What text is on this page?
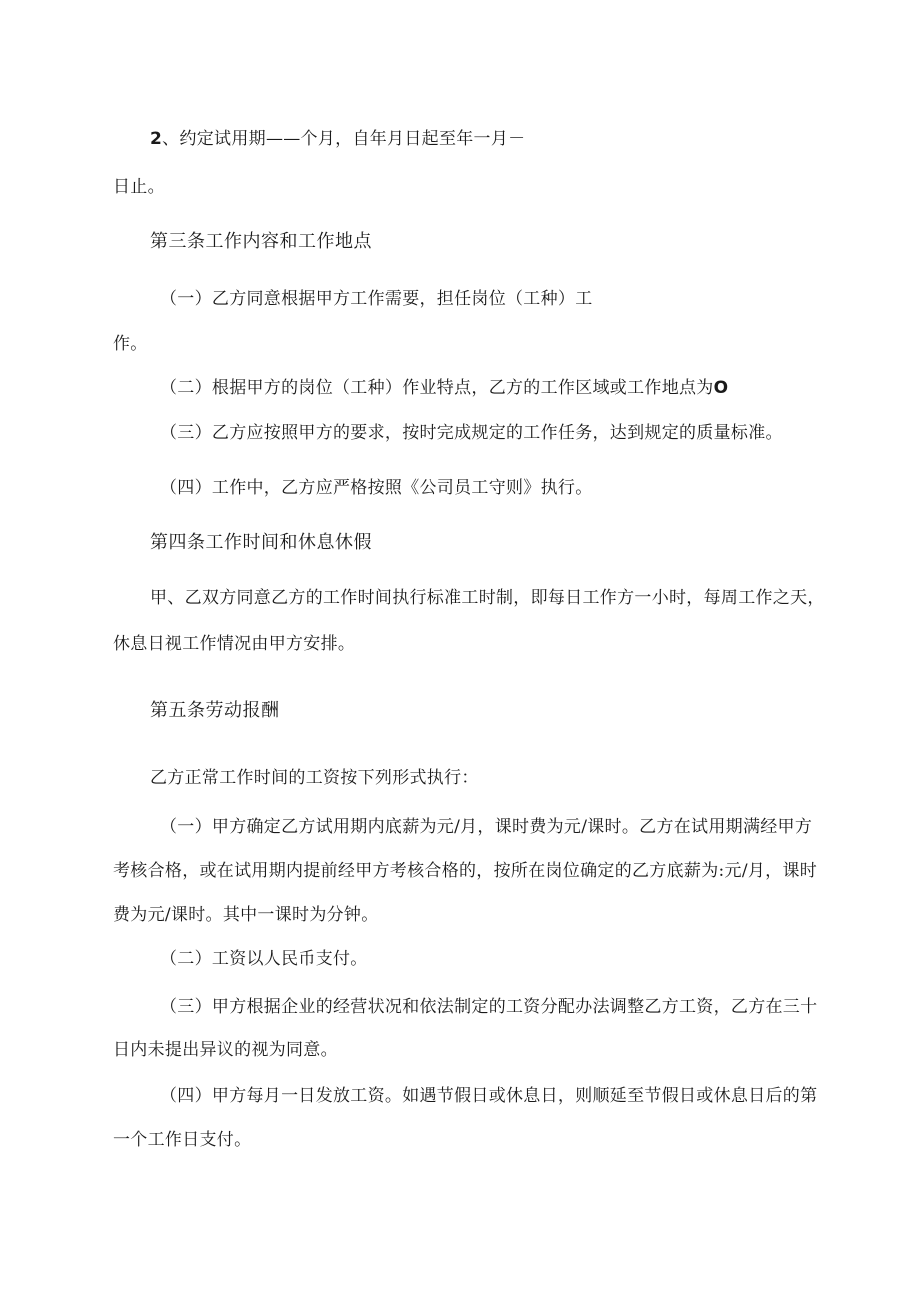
2、约定试用期——个月，自年月日起至年一月－
日止。
第三条工作内容和工作地点
（一）乙方同意根据甲方工作需要，担任岗位（工种）工
作。
（二）根据甲方的岗位（工种）作业特点，乙方的工作区域或工作地点为O
（三）乙方应按照甲方的要求，按时完成规定的工作任务，达到规定的质量标准。
（四）工作中，乙方应严格按照《公司员工守则》执行。
第四条工作时间和休息休假
甲、乙双方同意乙方的工作时间执行标准工时制，即每日工作方一小时，每周工作之天，
休息日视工作情况由甲方安排。
第五条劳动报酬
乙方正常工作时间的工资按下列形式执行：
（一）甲方确定乙方试用期内底薪为元/月，课时费为元/课时。乙方在试用期满经甲方
考核合格，或在试用期内提前经甲方考核合格的，按所在岗位确定的乙方底薪为:元/月，课时
费为元/课时。其中一课时为分钟。
（二）工资以人民币支付。
（三）甲方根据企业的经营状况和依法制定的工资分配办法调整乙方工资，乙方在三十
日内未提出异议的视为同意。
（四）甲方每月一日发放工资。如遇节假日或休息日，则顺延至节假日或休息日后的第
一个工作日支付。
